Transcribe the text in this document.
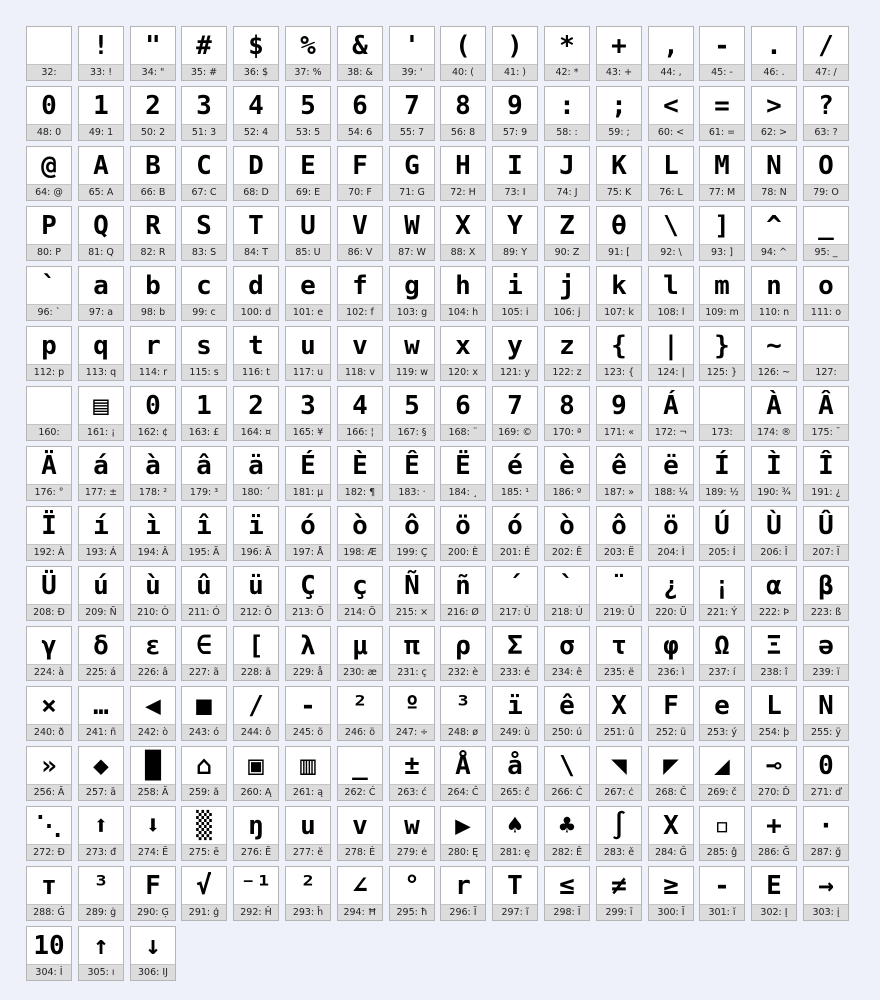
32:
!
33: !
"
34: "
#
35: #
$
36: $
%
37: %
&
38: &
'
39: '
(
40: (
)
41: )
*
42: *
+
43: +
,
44: ,
-
45: -
.
46: .
/
47: /
0
48: 0
1
49: 1
2
50: 2
3
51: 3
4
52: 4
5
53: 5
6
54: 6
7
55: 7
8
56: 8
9
57: 9
:
58: :
;
59: ;
<
60: <
=
61: =
>
62: >
?
63: ?
@
64: @
A
65: A
B
66: B
C
67: C
D
68: D
E
69: E
F
70: F
G
71: G
H
72: H
I
73: I
J
74: J
K
75: K
L
76: L
M
77: M
N
78: N
O
79: O
P
80: P
Q
81: Q
R
82: R
S
83: S
T
84: T
U
85: U
V
86: V
W
87: W
X
88: X
Y
89: Y
Z
90: Z
θ
91: [
\
92: \
]
93: ]
^
94: ^
_
95: _
`
96: `
a
97: a
b
98: b
c
99: c
d
100: d
e
101: e
f
102: f
g
103: g
h
104: h
i
105: i
j
106: j
k
107: k
l
108: l
m
109: m
n
110: n
o
111: o
p
112: p
q
113: q
r
114: r
s
115: s
t
116: t
u
117: u
v
118: v
w
119: w
x
120: x
y
121: y
z
122: z
{
123: {
|
124: |
}
125: }
~
126: ~	127:
160:
▤
161: ¡
0
162: ¢
1
163: £
2
164: ¤
3
165: ¥
4
166: ¦
5
167: §
6
168: ¨
7
169: ©
8
170: ª
9
171: «
Á
172: ¬	173:
À
174: ®
Â
175: ¯
Ä
176: °
á
177: ±
à
178: ²
â
179: ³
ä
180: ´
É
181: µ
È
182: ¶
Ê
183: ·
Ë
184: ¸
é
185: ¹
è
186: º
ê
187: »
ë
188: ¼
Í
189: ½
Ì
190: ¾
Î
191: ¿
Ï
192: À
í
193: Á
ì
194: Â
î
195: Ã
ï
196: Ä
ó
197: Å
ò
198: Æ
ô
199: Ç
ö
200: È
ó
201: É
ò
202: Ê
ô
203: Ë
ö
204: Ì
Ú
205: Í
Ù
206: Î
Û
207: Ï
Ü
208: Ð
ú
209: Ñ
ù
210: Ò
û
211: Ó
ü
212: Ô
Ç
213: Õ
ç
214: Ö
Ñ
215: ×
ñ
216: Ø
´
217: Ù
`
218: Ú
¨
219: Û
¿
220: Ü
¡
221: Ý
α
222: Þ
β
223: ß
γ
224: à
δ
225: á
ε
226: â
∈
227: ã
[
228: ä
λ
229: å
μ
230: æ
π
231: ç
ρ
232: è
Σ
233: é
σ
234: ê
τ
235: ë
φ
236: ì
Ω
237: í
Ξ
238: î
ə
239: ï
×
240: ð
…
241: ñ
◀
242: ò
■
243: ó
/
244: ô
-
245: õ
²
246: ö
º
247: ÷
³
248: ø
ï
249: ù
ê
250: ú
X
251: û
F
252: ü
e
253: ý
L
254: þ
N
255: ÿ
»
256: Ā
◆
257: ā
█
258: Ă
⌂
259: ă
▣
260: Ą
▥
261: ą
_
262: Ć
±
263: ć
Å
264: Ĉ
å
265: ĉ
\
266: Ċ
◥
267: ċ
◤
268: Č
◢
269: č
⊸
270: Ď
0
271: ď
⋱
272: Đ
⬆
273: đ
⬇
274: Ē
▒
275: ē
ŋ
276: Ĕ
u
277: ĕ
v
278: Ė
w
279: ė
▶
280: Ę
♠
281: ę
♣
282: Ě
∫
283: ě
X
284: Ĝ
▫
285: ĝ
+
286: Ğ
·
287: ğ
т
288: Ġ
³
289: ġ
F
290: Ģ
√
291: ģ
⁻¹
292: Ĥ
²
293: ĥ
∠
294: Ħ
°
295: ħ
r
296: Ĩ
T
297: ĩ
≤
298: Ī
≠
299: ī
≥
300: Ĭ
-
301: ĭ
E
302: Į
→
303: į
10
304: İ
↑
305: ı
↓
306: Ĳ
